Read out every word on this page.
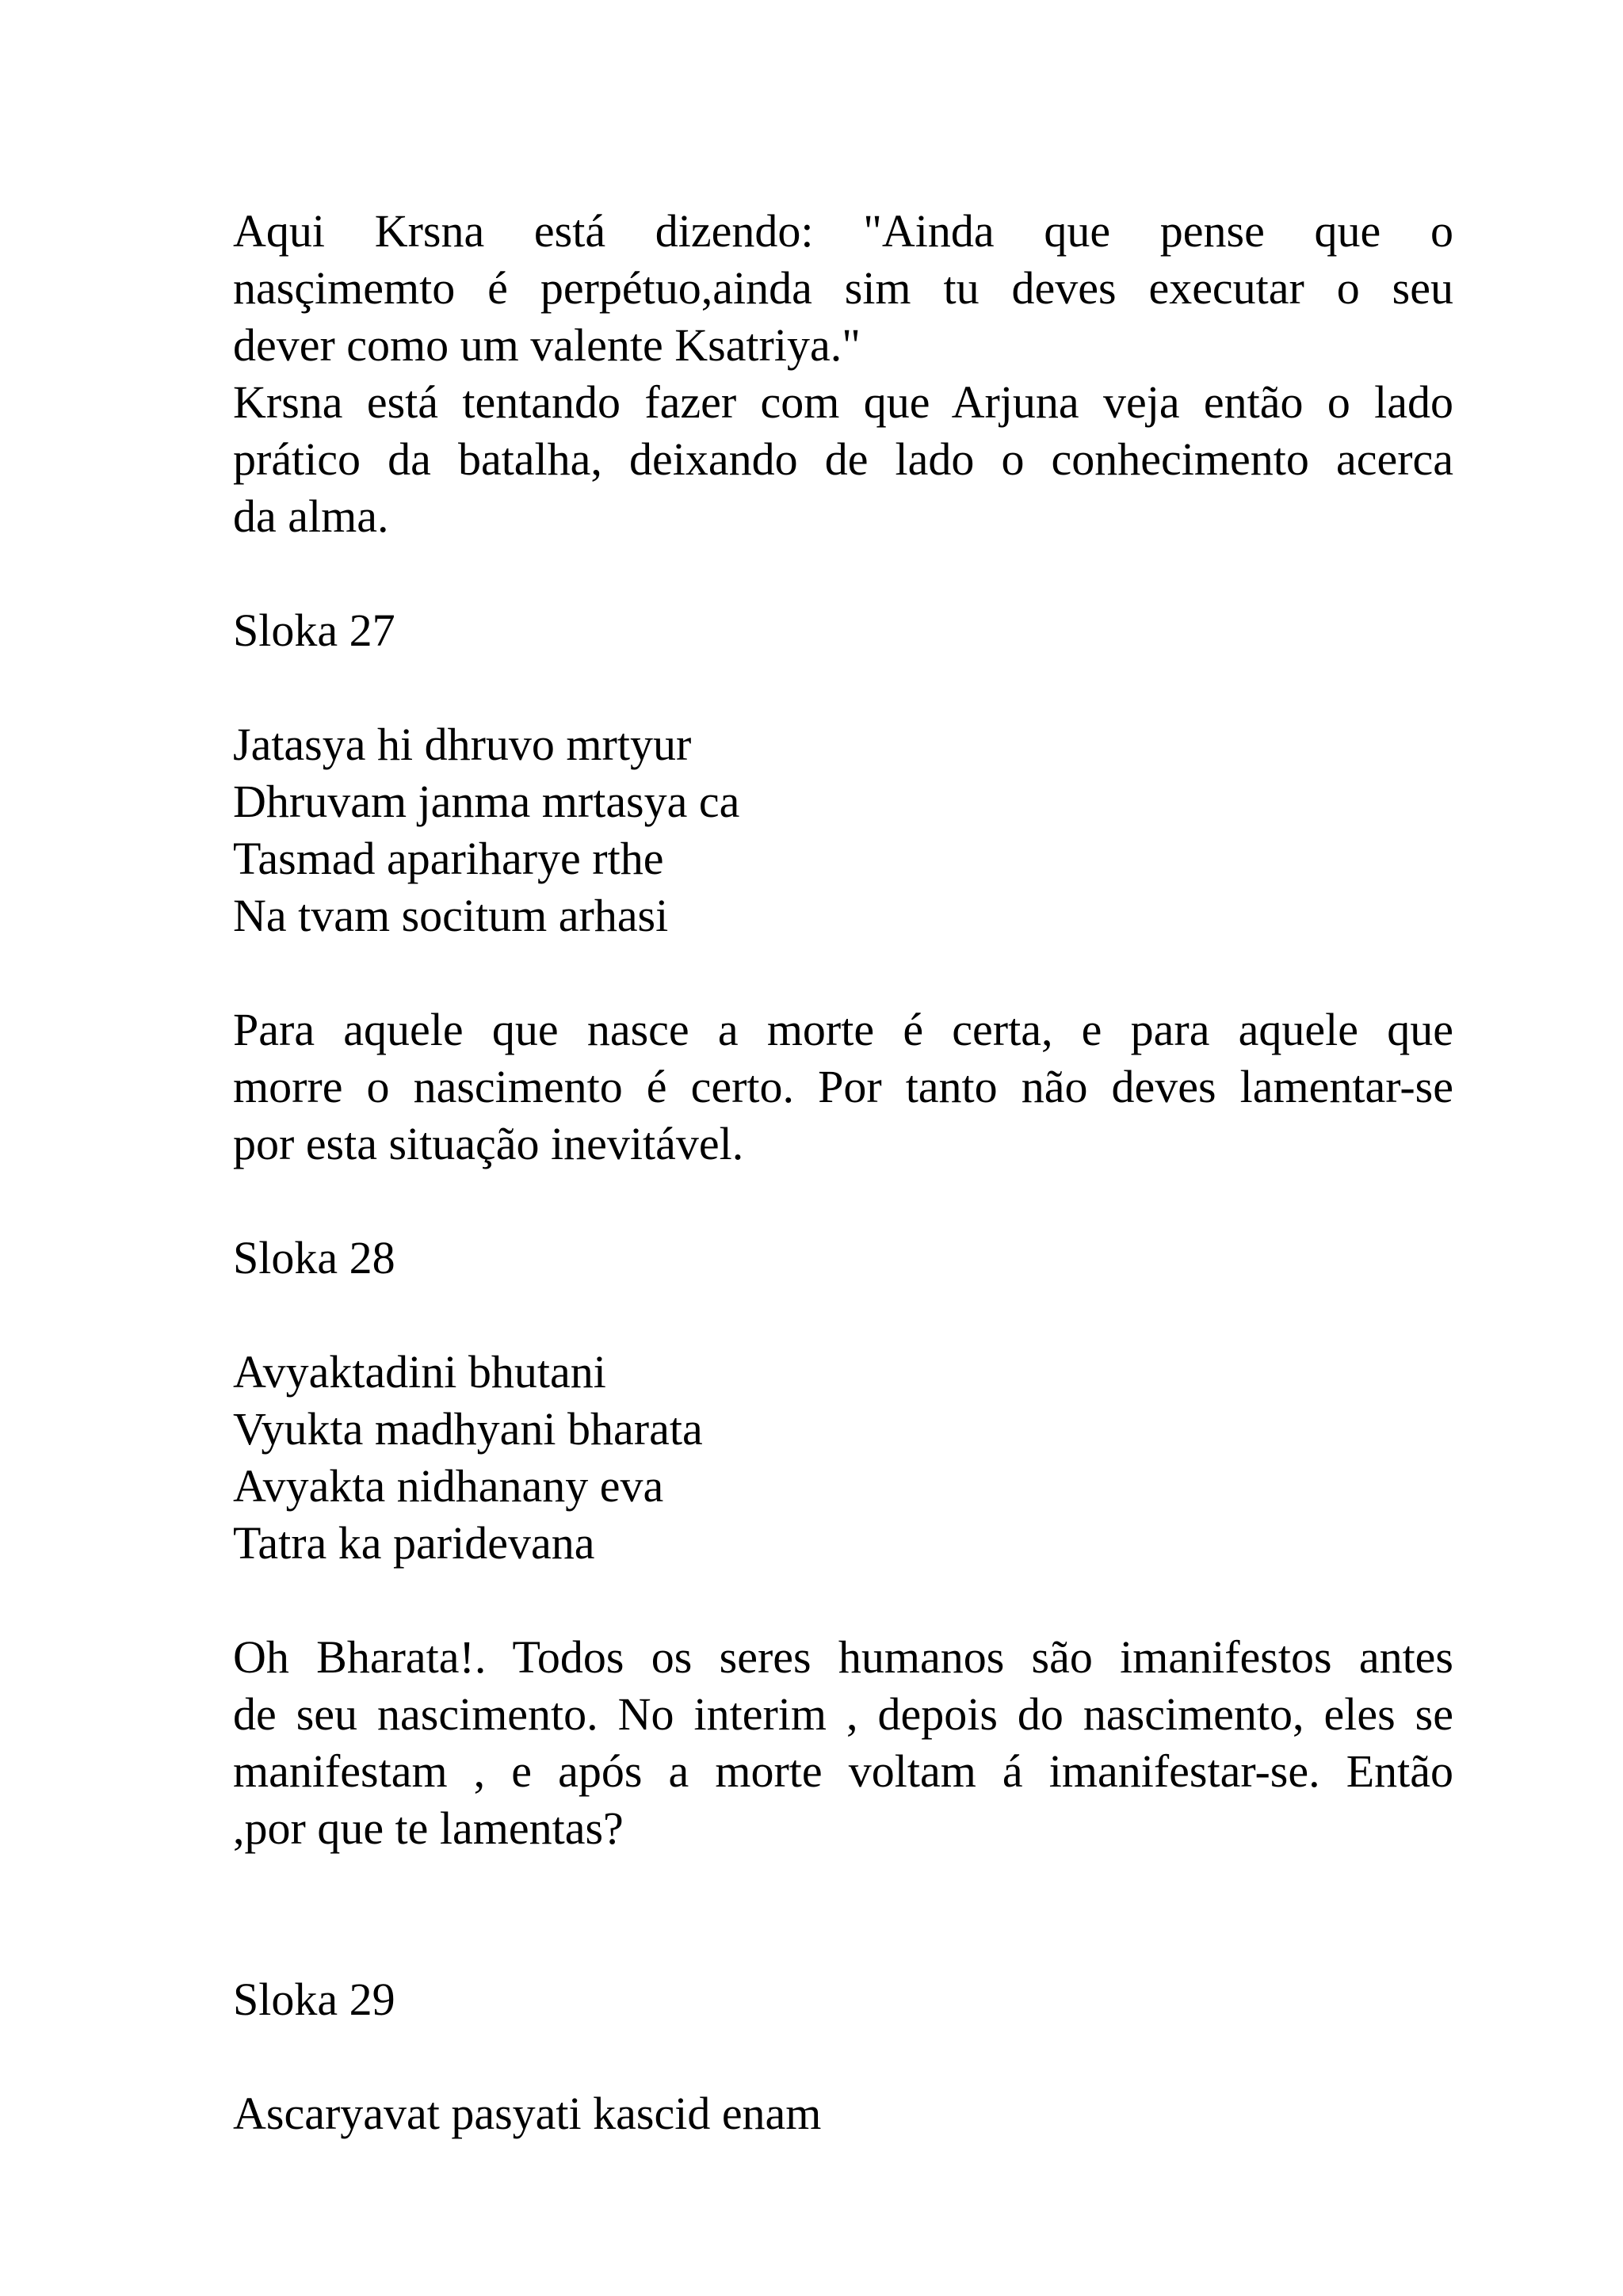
Aqui Krsna está dizendo: "Ainda que pense que o
nasçimemto é perpétuo,ainda sim tu deves executar o seu
dever como um valente Ksatriya."
Krsna está tentando fazer com que Arjuna veja então o lado
prático da batalha, deixando de lado o conhecimento acerca
da alma.
Sloka 27
Jatasya hi dhruvo mrtyur
Dhruvam janma mrtasya ca
Tasmad apariharye rthe
Na tvam socitum arhasi
Para aquele que nasce a morte é certa, e para aquele que
morre o nascimento é certo. Por tanto não deves lamentar-se
por esta situação inevitável.
Sloka 28
Avyaktadini bhutani
Vyukta madhyani bharata
Avyakta nidhanany eva
Tatra ka paridevana
Oh Bharata!. Todos os seres humanos são imanifestos antes
de seu nascimento. No interim , depois do nascimento, eles se
manifestam , e após a morte voltam á imanifestar-se. Então
,por que te lamentas?
Sloka 29
Ascaryavat pasyati kascid enam
